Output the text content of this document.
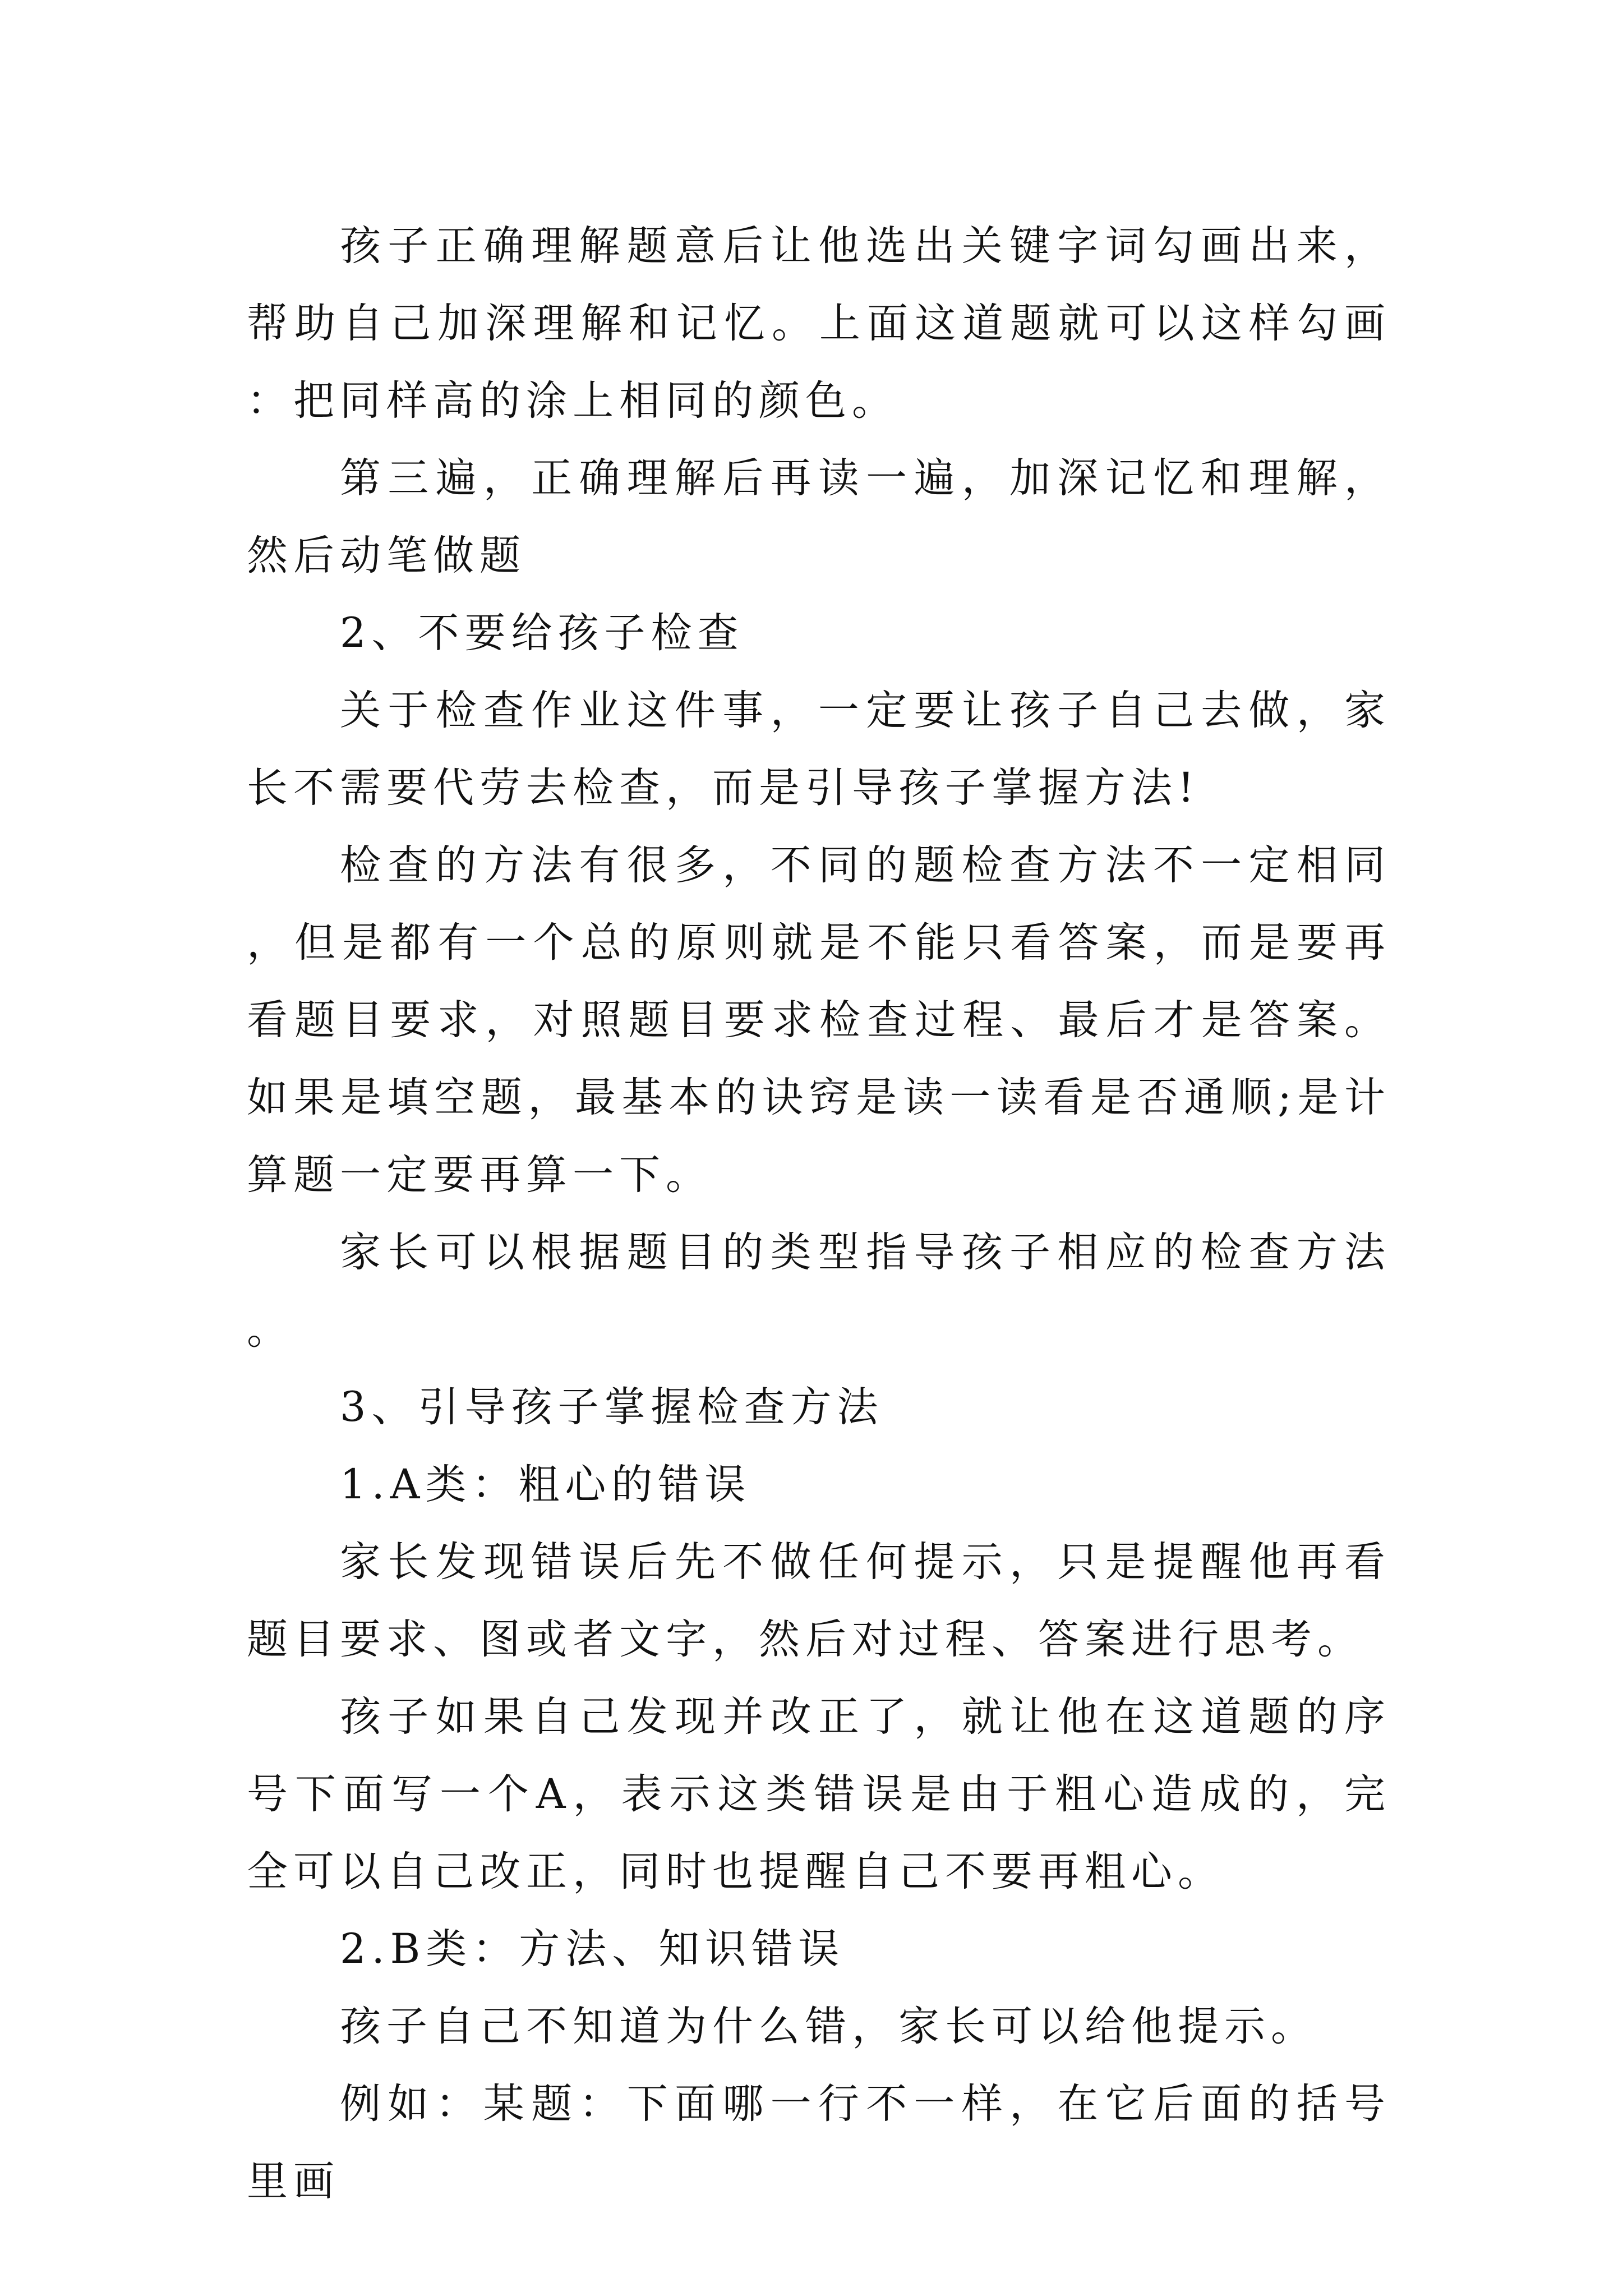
孩子正确理解题意后让他选出关键字词勾画出来，帮助自己加深理解和记忆。上面这道题就可以这样勾画：把同样高的涂上相同的颜色。

第三遍，正确理解后再读一遍，加深记忆和理解，然后动笔做题

2、不要给孩子检查

关于检查作业这件事，一定要让孩子自己去做，家长不需要代劳去检查，而是引导孩子掌握方法!

检查的方法有很多，不同的题检查方法不一定相同，但是都有一个总的原则就是不能只看答案，而是要再看题目要求，对照题目要求检查过程、最后才是答案。如果是填空题，最基本的诀窍是读一读看是否通顺;是计算题一定要再算一下。

家长可以根据题目的类型指导孩子相应的检查方法。

3、引导孩子掌握检查方法

1.A类：粗心的错误

家长发现错误后先不做任何提示，只是提醒他再看题目要求、图或者文字，然后对过程、答案进行思考。

孩子如果自己发现并改正了，就让他在这道题的序号下面写一个A，表示这类错误是由于粗心造成的，完全可以自己改正，同时也提醒自己不要再粗心。

2.B类：方法、知识错误

孩子自己不知道为什么错，家长可以给他提示。

例如：某题：下面哪一行不一样，在它后面的括号里画
